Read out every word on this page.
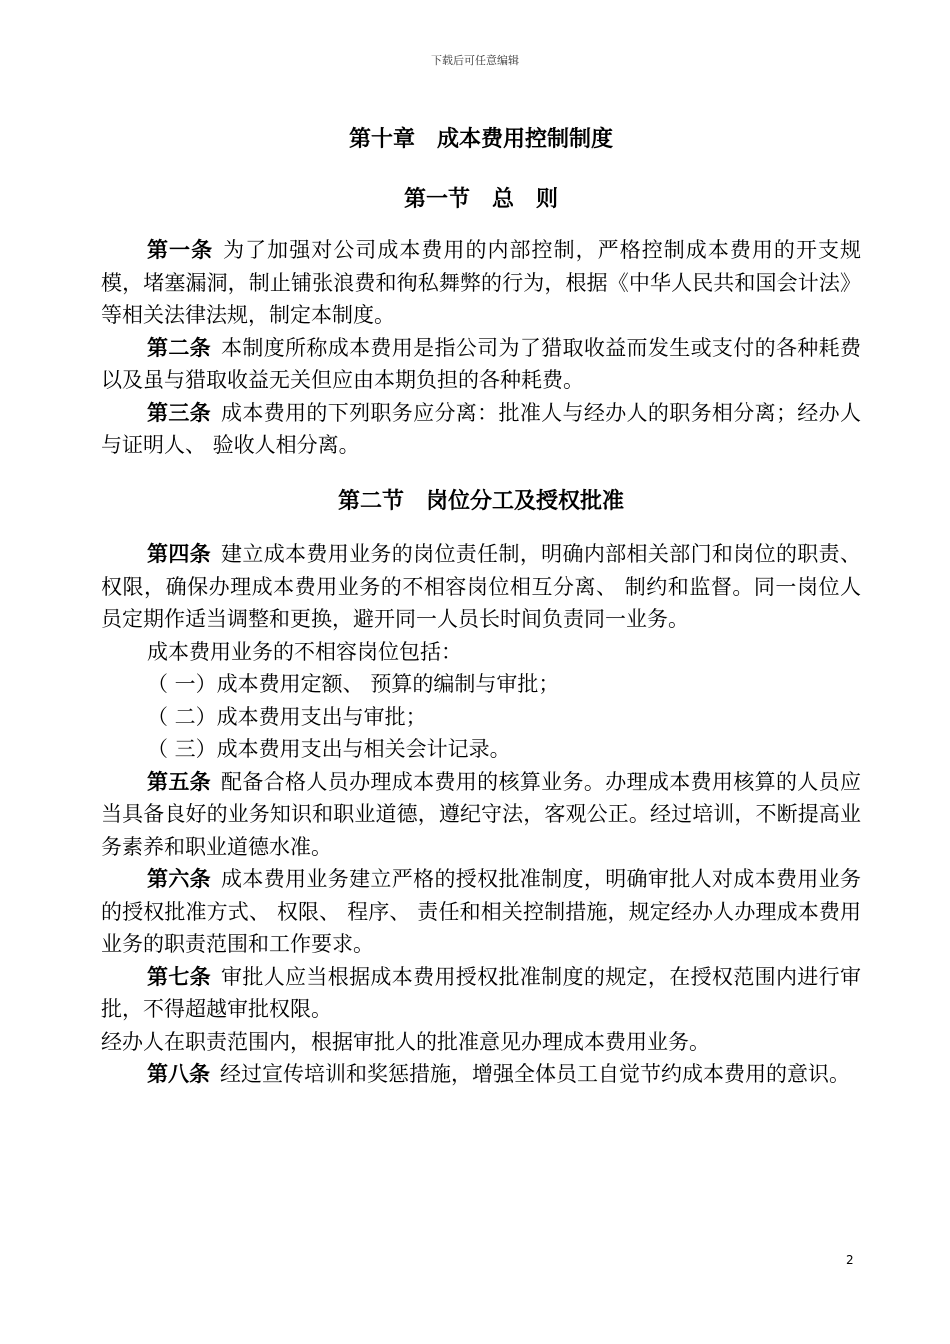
下载后可任意编辑
第十章　成本费用控制制度
第一节　总　则

第一条 为了加强对公司成本费用的内部控制，严格控制成本费用的开支规模，堵塞漏洞，制止铺张浪费和徇私舞弊的行为，根据《中华人民共和国会计法》等相关法律法规，制定本制度。

第二条 本制度所称成本费用是指公司为了猎取收益而发生或支付的各种耗费以及虽与猎取收益无关但应由本期负担的各种耗费。

第三条 成本费用的下列职务应分离：批准人与经办人的职务相分离；经办人与证明人、 验收人相分离。

第二节　岗位分工及授权批准

第四条 建立成本费用业务的岗位责任制，明确内部相关部门和岗位的职责、 权限，确保办理成本费用业务的不相容岗位相互分离、 制约和监督。同一岗位人员定期作适当调整和更换，避开同一人员长时间负责同一业务。

成本费用业务的不相容岗位包括：

（ 一）成本费用定额、 预算的编制与审批；

（ 二）成本费用支出与审批；

（ 三）成本费用支出与相关会计记录。

第五条 配备合格人员办理成本费用的核算业务。办理成本费用核算的人员应当具备良好的业务知识和职业道德，遵纪守法，客观公正。经过培训，不断提高业务素养和职业道德水准。

第六条 成本费用业务建立严格的授权批准制度，明确审批人对成本费用业务的授权批准方式、 权限、 程序、 责任和相关控制措施，规定经办人办理成本费用业务的职责范围和工作要求。

第七条 审批人应当根据成本费用授权批准制度的规定，在授权范围内进行审批，不得超越审批权限。

经办人在职责范围内，根据审批人的批准意见办理成本费用业务。

第八条 经过宣传培训和奖惩措施，增强全体员工自觉节约成本费用的意识。

2
